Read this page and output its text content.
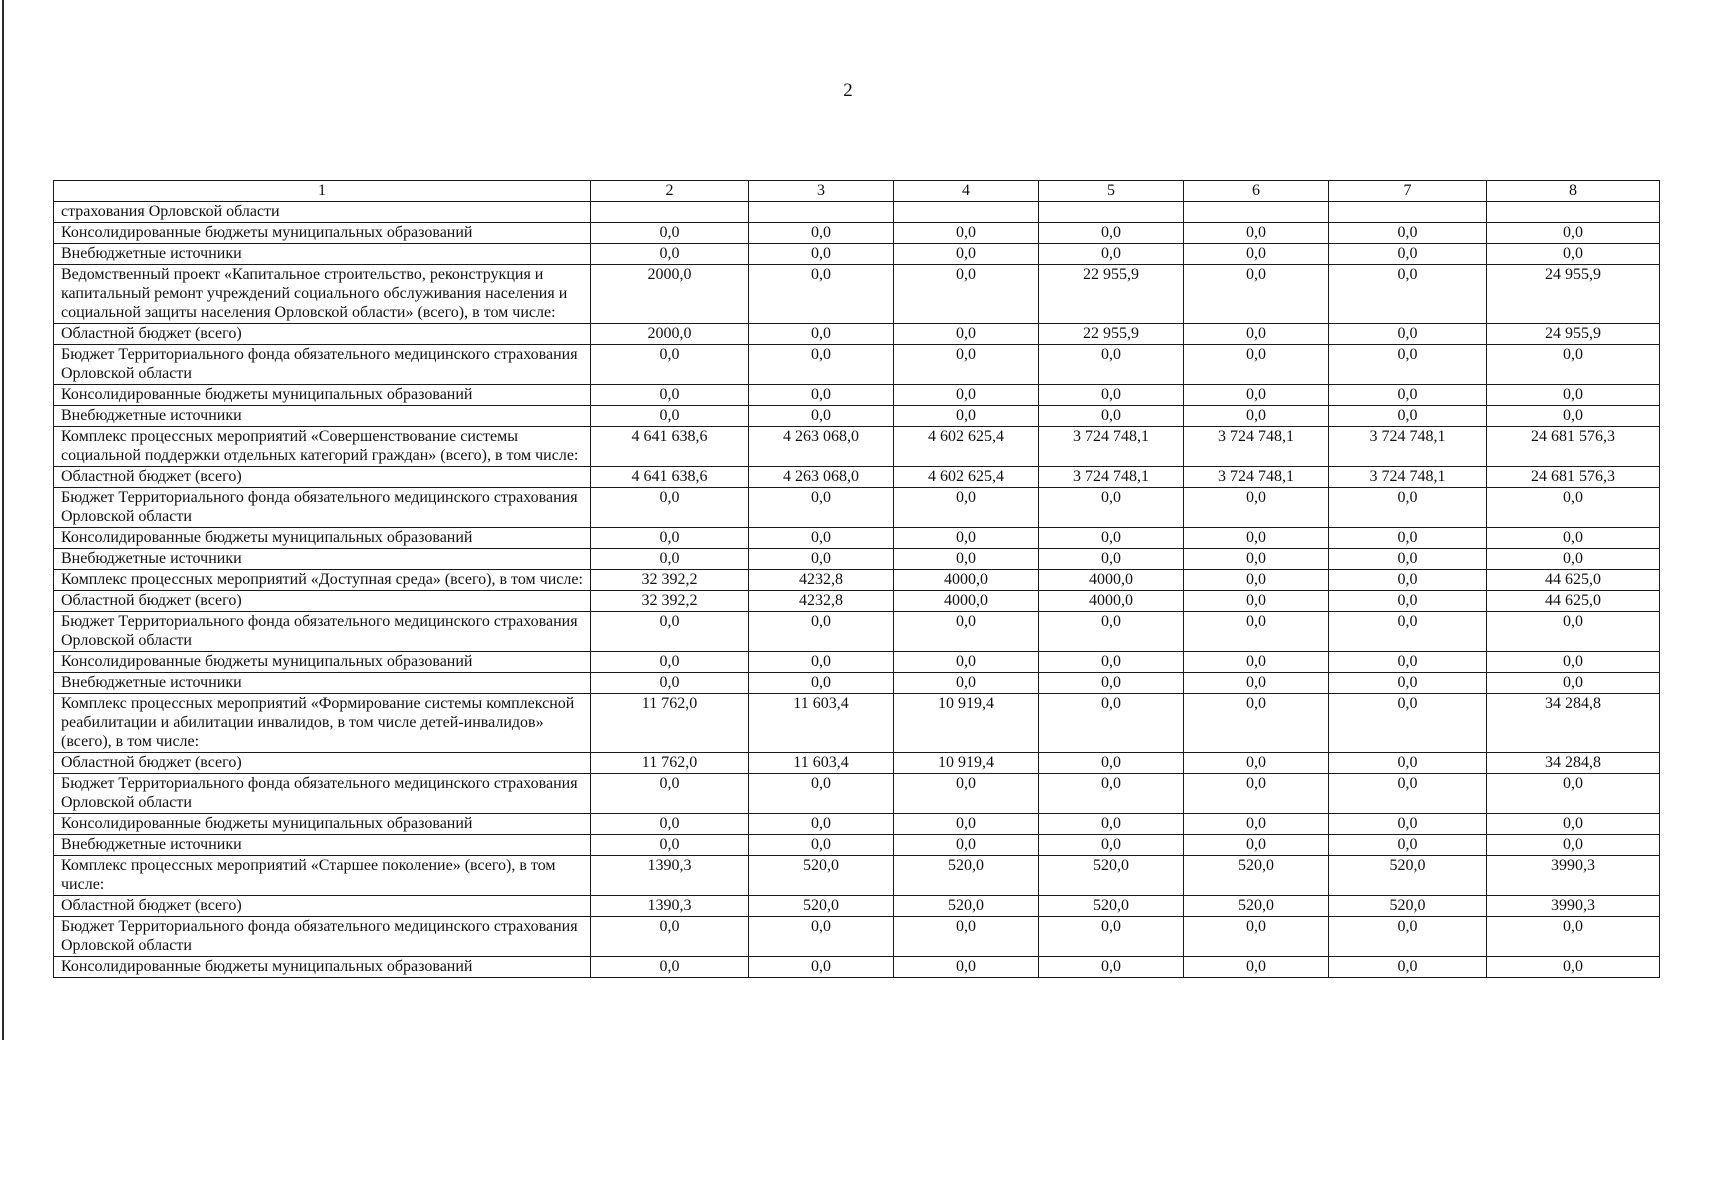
2
1	2	3	4	5	6	7	8
страхования Орловской области							
Консолидированные бюджеты муниципальных образований	0,0	0,0	0,0	0,0	0,0	0,0	0,0
Внебюджетные источники	0,0	0,0	0,0	0,0	0,0	0,0	0,0
Ведомственный проект «Капитальное строительство, реконструкция и капитальный ремонт учреждений социального обслуживания населения и социальной защиты населения Орловской области» (всего), в том числе:	2000,0	0,0	0,0	22 955,9	0,0	0,0	24 955,9
Областной бюджет (всего)	2000,0	0,0	0,0	22 955,9	0,0	0,0	24 955,9
Бюджет Территориального фонда обязательного медицинского страхования Орловской области	0,0	0,0	0,0	0,0	0,0	0,0	0,0
Консолидированные бюджеты муниципальных образований	0,0	0,0	0,0	0,0	0,0	0,0	0,0
Внебюджетные источники	0,0	0,0	0,0	0,0	0,0	0,0	0,0
Комплекс процессных мероприятий «Совершенствование системы социальной поддержки отдельных категорий граждан» (всего), в том числе:	4 641 638,6	4 263 068,0	4 602 625,4	3 724 748,1	3 724 748,1	3 724 748,1	24 681 576,3
Областной бюджет (всего)	4 641 638,6	4 263 068,0	4 602 625,4	3 724 748,1	3 724 748,1	3 724 748,1	24 681 576,3
Бюджет Территориального фонда обязательного медицинского страхования Орловской области	0,0	0,0	0,0	0,0	0,0	0,0	0,0
Консолидированные бюджеты муниципальных образований	0,0	0,0	0,0	0,0	0,0	0,0	0,0
Внебюджетные источники	0,0	0,0	0,0	0,0	0,0	0,0	0,0
Комплекс процессных мероприятий «Доступная среда» (всего), в том числе:	32 392,2	4232,8	4000,0	4000,0	0,0	0,0	44 625,0
Областной бюджет (всего)	32 392,2	4232,8	4000,0	4000,0	0,0	0,0	44 625,0
Бюджет Территориального фонда обязательного медицинского страхования Орловской области	0,0	0,0	0,0	0,0	0,0	0,0	0,0
Консолидированные бюджеты муниципальных образований	0,0	0,0	0,0	0,0	0,0	0,0	0,0
Внебюджетные источники	0,0	0,0	0,0	0,0	0,0	0,0	0,0
Комплекс процессных мероприятий «Формирование системы комплексной реабилитации и абилитации инвалидов, в том числе детей-инвалидов» (всего), в том числе:	11 762,0	11 603,4	10 919,4	0,0	0,0	0,0	34 284,8
Областной бюджет (всего)	11 762,0	11 603,4	10 919,4	0,0	0,0	0,0	34 284,8
Бюджет Территориального фонда обязательного медицинского страхования Орловской области	0,0	0,0	0,0	0,0	0,0	0,0	0,0
Консолидированные бюджеты муниципальных образований	0,0	0,0	0,0	0,0	0,0	0,0	0,0
Внебюджетные источники	0,0	0,0	0,0	0,0	0,0	0,0	0,0
Комплекс процессных мероприятий «Старшее поколение» (всего), в том числе:	1390,3	520,0	520,0	520,0	520,0	520,0	3990,3
Областной бюджет (всего)	1390,3	520,0	520,0	520,0	520,0	520,0	3990,3
Бюджет Территориального фонда обязательного медицинского страхования Орловской области	0,0	0,0	0,0	0,0	0,0	0,0	0,0
Консолидированные бюджеты муниципальных образований	0,0	0,0	0,0	0,0	0,0	0,0	0,0
